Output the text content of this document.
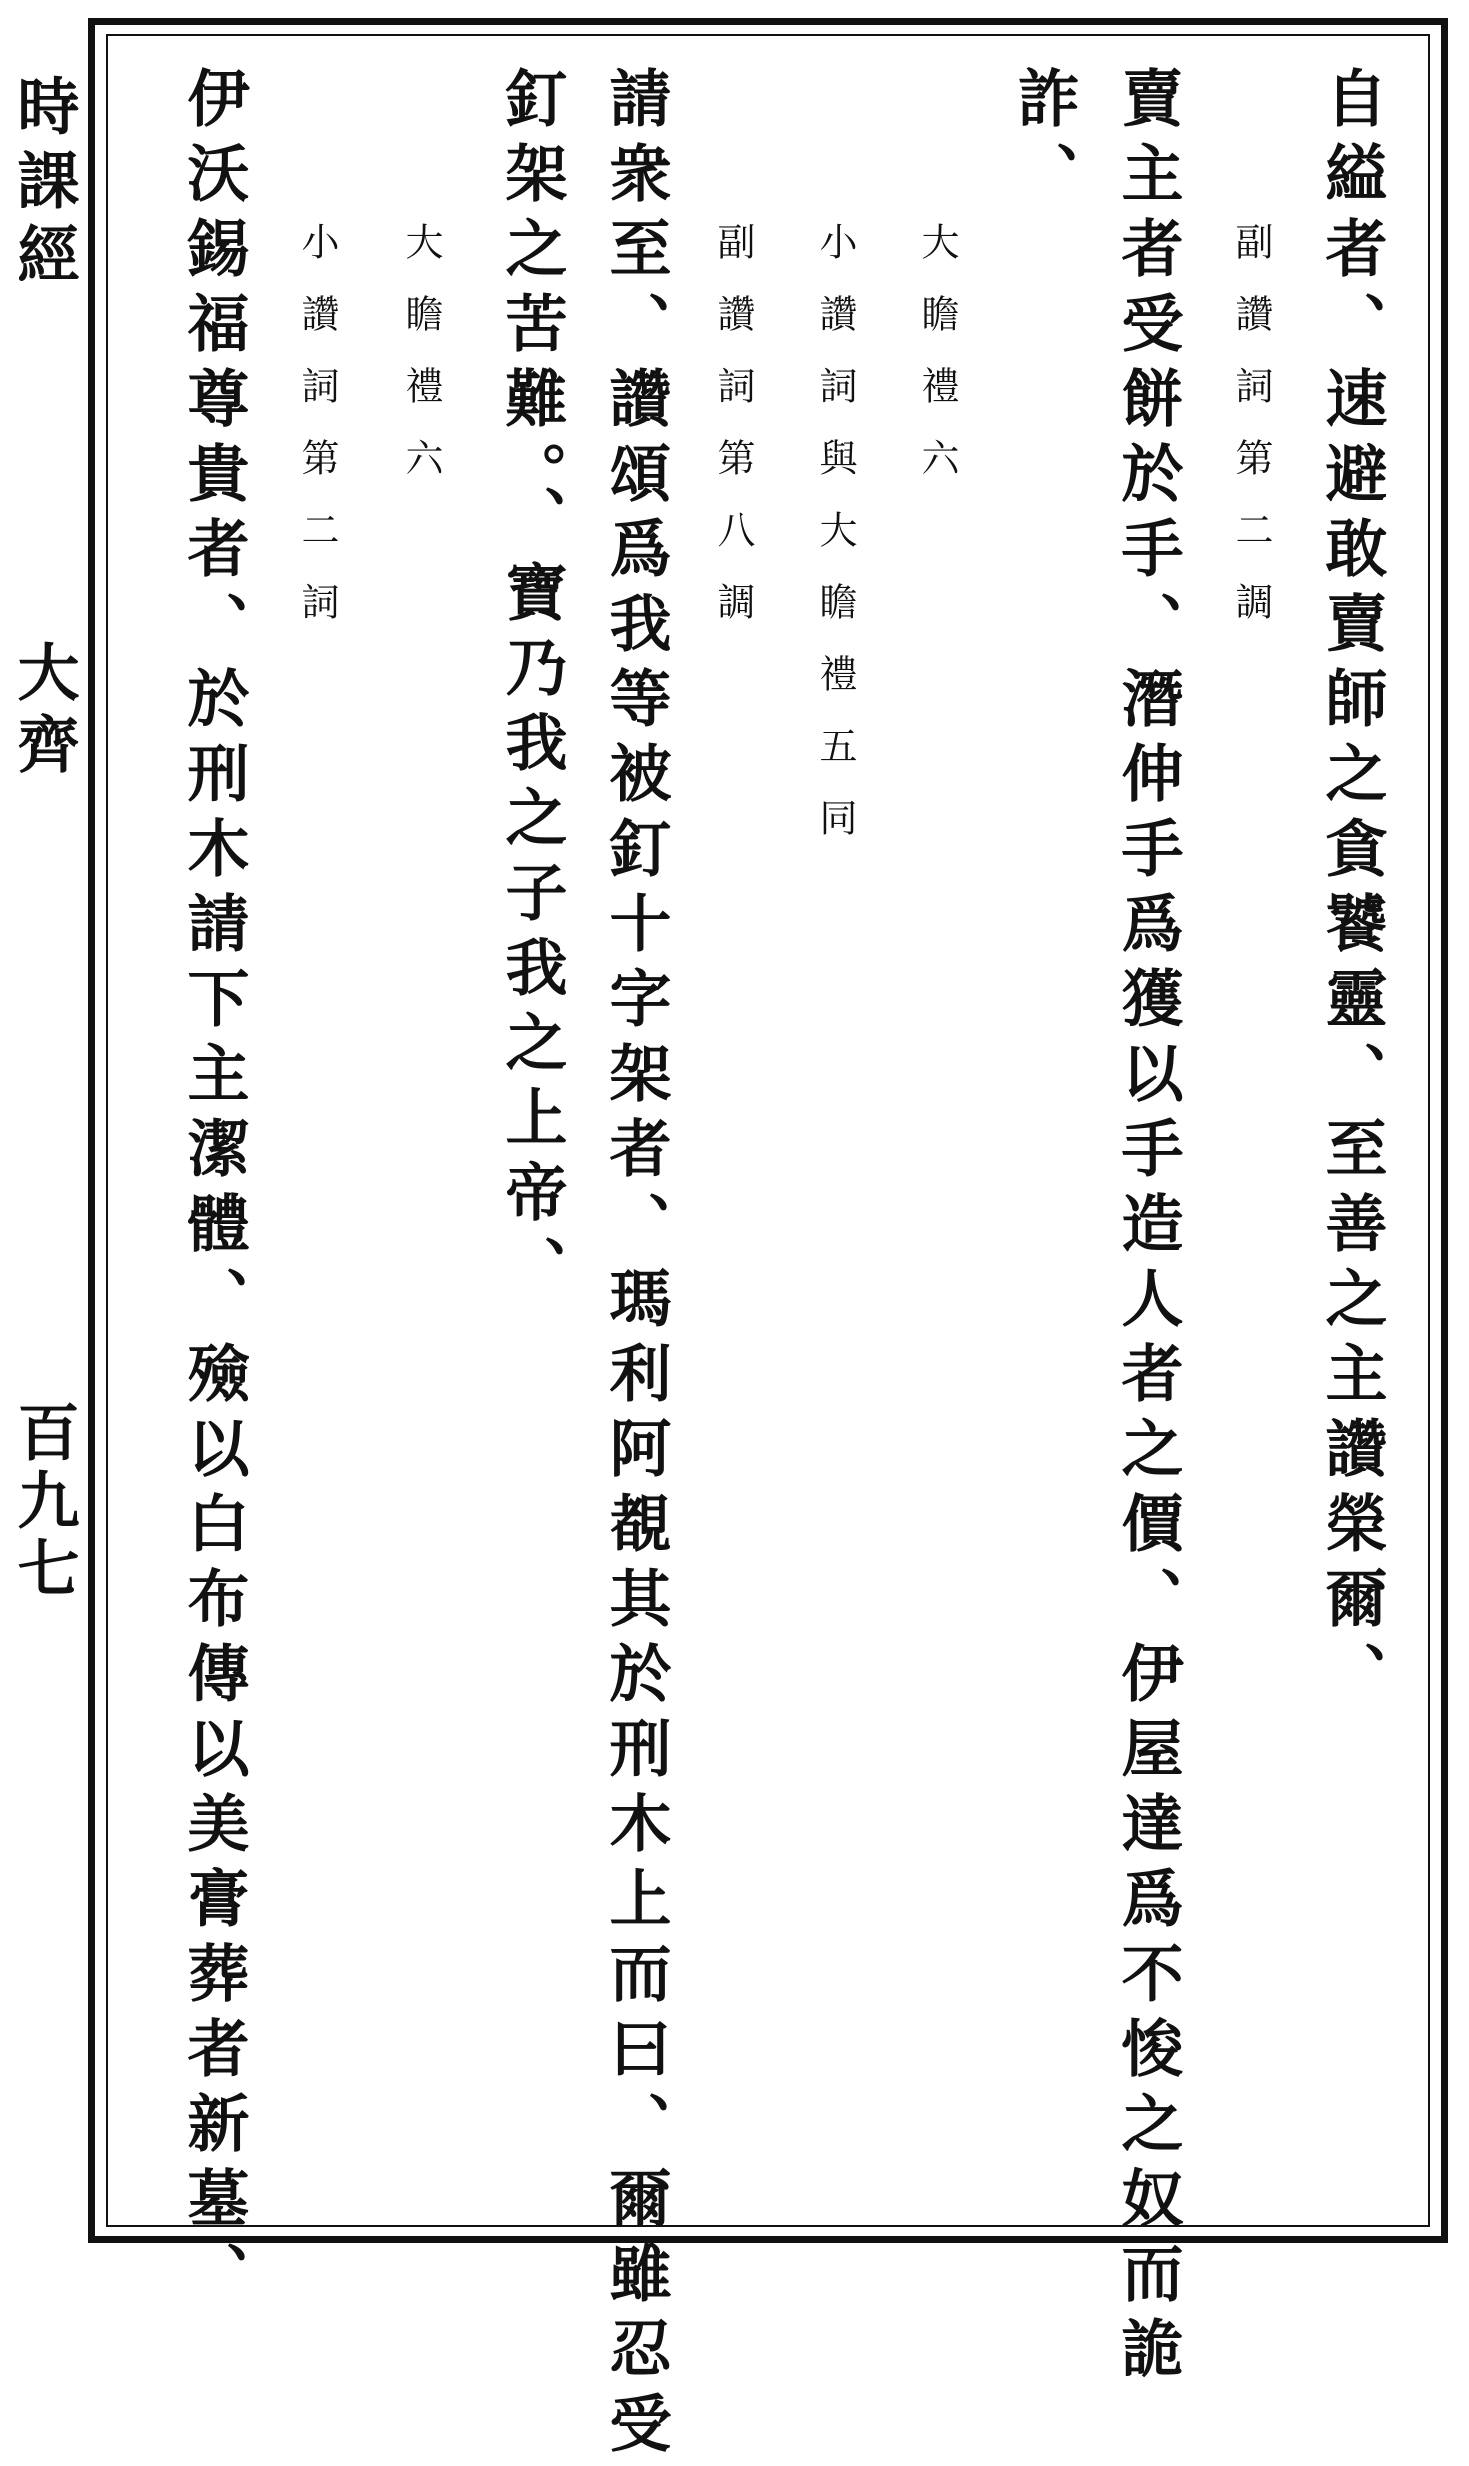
自縊者、速避敢賣師之貪饕靈、至善之主讚榮爾、
副讚詞第二調
賣主者受餅於手、潛伸手爲獲以手造人者之價、伊屋達爲不悛之奴而詭
詐、
大瞻禮六
小讚詞與大瞻禮五同
副讚詞第八調
請衆至、讚頌爲我等被釘十字架者、瑪利阿覩其於刑木上而曰、爾雖忍受
釘架之苦難。、寶乃我之子我之上帝、
大瞻禮六
小讚詞第二詞
伊沃錫福尊貴者、於刑木請下主潔體、殮以白布傳以美膏葬者新墓、
時課經
大齊
百九七
